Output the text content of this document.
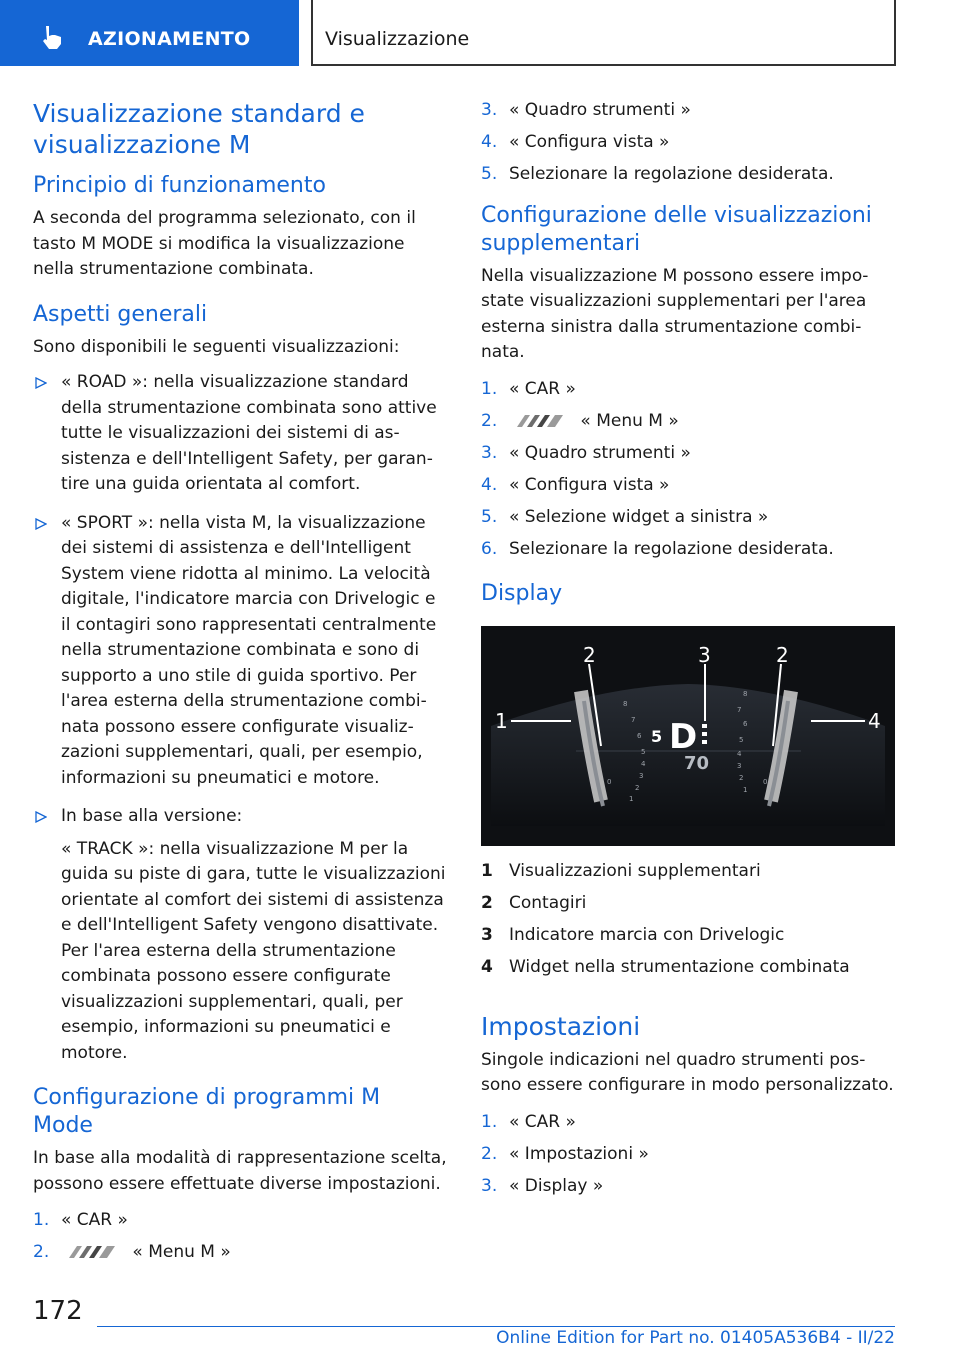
AZIONAMENTO	Visualizzazione
Visualizzazione standard e visualizzazione M
Principio di funzionamento

A seconda del programma selezionato, con il tasto M MODE si modifica la visualizzazione nella strumentazione combinata.

Aspetti generali

Sono disponibili le seguenti visualizzazioni:

« ROAD »: nella visualizzazione standard della strumentazione combinata sono attive tutte le visualizzazioni dei sistemi di assistenza e dell'Intelligent Safety, per garantire una guida orientata al comfort.
« SPORT »: nella vista M, la visualizzazione dei sistemi di assistenza e dell'Intelligent System viene ridotta al minimo. La velocità digitale, l'indicatore marcia con Drivelogic e il contagiri sono rappresentati centralmente nella strumentazione combinata e sono di supporto a uno stile di guida sportivo. Per l'area esterna della strumentazione combinata possono essere configurate visualizzazioni supplementari, quali, per esempio, informazioni su pneumatici e motore.
In base alla versione:

« TRACK »: nella visualizzazione M per la guida su piste di gara, tutte le visualizzazioni orientate al comfort dei sistemi di assistenza e dell'Intelligent Safety vengono disattivate. Per l'area esterna della strumentazione combinata possono essere configurate visualizzazioni supplementari, quali, per esempio, informazioni su pneumatici e motore.

Configurazione di programmi M Mode

In base alla modalità di rappresentazione scelta, possono essere effettuate diverse impostazioni.

1. « CAR »
2.	« Menu M »
3. « Quadro strumenti »
4. « Configura vista »
5. Selezionare la regolazione desiderata.
Configurazione delle visualizzazioni supplementari

Nella visualizzazione M possono essere impostate visualizzazioni supplementari per l'area esterna sinistra dalla strumentazione combinata.

1. « CAR »
2.	« Menu M »
3. « Quadro strumenti »
4. « Configura vista »
5. « Selezione widget a sinistra »
6. Selezionare la regolazione desiderata.
Display
8
7
6
5
4
3
2
1
0
8
7
6
5
4
3
2
1
0
5 D
70
1
2	3	2
4
1 Visualizzazioni supplementari
2 Contagiri
3 Indicatore marcia con Drivelogic
4 Widget nella strumentazione combinata
Impostazioni

Singole indicazioni nel quadro strumenti possono essere configurare in modo personalizzato.

1. « CAR »
2. « Impostazioni »
3. « Display »
172
Online Edition for Part no. 01405A536B4 - II/22
